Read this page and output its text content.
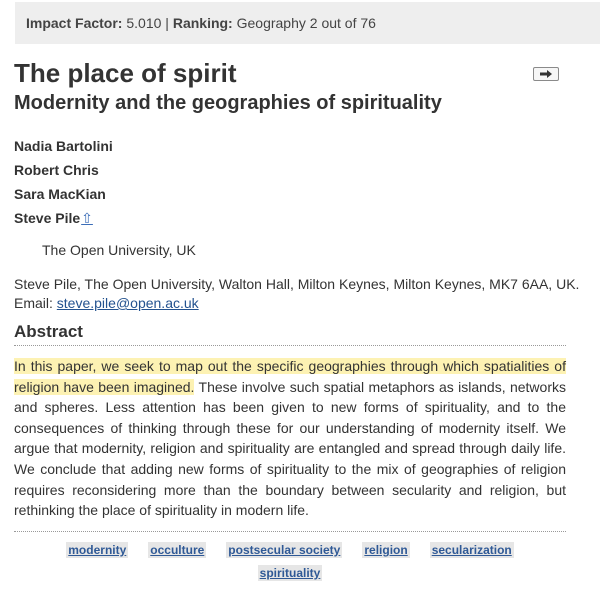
Impact Factor: 5.010 | Ranking: Geography 2 out of 76
The place of spirit
Modernity and the geographies of spirituality
Nadia Bartolini
Robert Chris
Sara MacKian
Steve Pile⇧
The Open University, UK
Steve Pile, The Open University, Walton Hall, Milton Keynes, Milton Keynes, MK7 6AA, UK. Email: steve.pile@open.ac.uk
Abstract

In this paper, we seek to map out the specific geographies through which spatialities of religion have been imagined. These involve such spatial metaphors as islands, networks and spheres. Less attention has been given to new forms of spirituality, and to the consequences of thinking through these for our understanding of modernity itself. We argue that modernity, religion and spirituality are entangled and spread through daily life. We conclude that adding new forms of spirituality to the mix of geographies of religion requires reconsidering more than the boundary between secularity and religion, but rethinking the place of spirituality in modern life.

modernity occulture postsecular society religion secularization
spirituality
